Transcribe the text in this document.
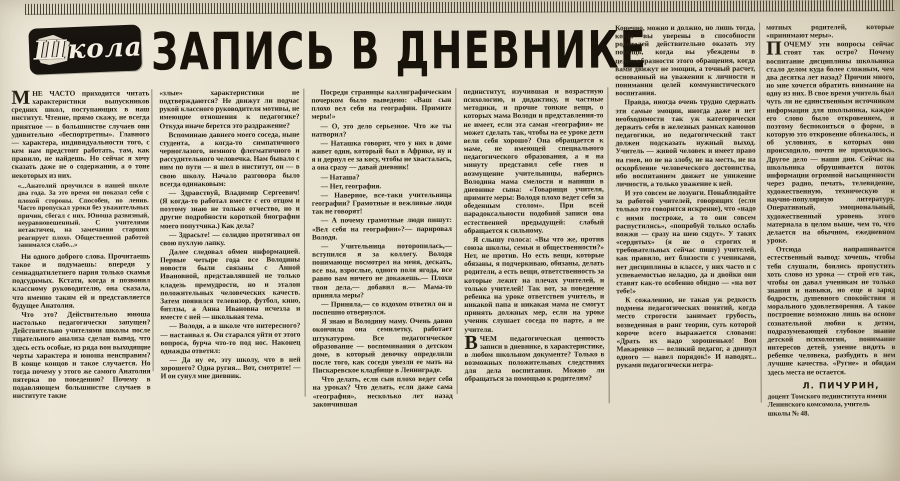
Школа ЗАПИСЬ В ДНЕВНИКЕ

МНЕ ЧАСТО приходится читать характеристики выпускников средних школ, поступающих в наш институт. Чтение, прямо скажу, не всегда приятное — в большинстве случаев они удивительно «беспортретны». Главного — характера, индивидуальности того, с кем нам предстоит работать, там, как правило, не найдешь. Но сейчас я хочу сказать даже не о содержании, а о тоне некоторых из них.

«...Анатолий проучился в нашей школе два года. За это время он показал себя с плохой стороны. Способен, но ленив. Часто пропускал уроки без уважительных причин, сбегал с них. Юноша развязный, неуравновешенный. С учителями нетактичен, на замечания старших реагирует плохо. Общественной работой занимался слабо...»

Ни одного доброго слова. Прочитаешь такое и подумаешь: впереди у семнадцатилетнего парня только скамья подсудимых. Кстати, когда я позвонил классному руководителю, она сказала, что именно таким ей и представляется будущее Анатолия.

Что это? Действительно юноша настолько педагогически запущен? Действительно учителями школы после тщательного анализа сделан вывод, что здесь есть особые, из ряда вон выходящие черты характера и юноша неисправим? В конце концов и такое случается. Но тогда почему у этого же самого Анатолия пятерка по поведению? Почему в подавляющем большинстве случаев в институте такие

«злые» характеристики не подтверждаются? Не движут ли подчас рукой классного руководителя мотивы, не имеющие отношения к педагогике? Откуда иначе берется это раздражение?

Вспоминаю давнего моего соседа, ныне студента, а когда-то симпатичного черноглазого, немного флегматичного и рассудительного человечка. Нам бывало с ним по пути — я шел в институт, он — в свою школу. Начало разговора было всегда одинаковым:

— Здравствуй, Владимир Сергеевич! (Я когда-то работал вместе с его отцом и поэтому знаю не только отчество, но и другие подробности короткой биографии моего попутчика.) Как дела?

— Здрасьте! — солидно протягивал он свою пухлую лапку.

Далее следовал обмен информацией. Первые четыре года все Володины новости были связаны с Анной Ивановной, представлявшей не только кладезь премудрости, но и эталон положительных человеческих качеств. Затем появился телевизор, футбол, кино, битлзы, а Анна Ивановна исчезла и вместе с ней — школьная тема.

— Володя, а в школе что интересного? — настаивал я. Он старался уйти от этого вопроса, бурча что-то под нос. Наконец однажды ответил:

— Да ну ее, эту школу, что в ней хорошего? Одна ругня... Вот, смотрите! — И он сунул мне дневник.

Посреди страницы каллиграфическим почерком было выведено: «Ваш сын плохо вел себя на географии. Примите меры!»

— О, это дело серьезное. Что же ты натворил?

— Наташка говорит, что у них в доме живет один, который был в Африке, ну и я и дернул ее за косу, чтобы не хвасталась, а она сразу — давай дневник!

— Наташа?

— Нет, география.

— Наверное, все-таки учительница географии? Грамотные и вежливые люди так не говорят!

— А почему грамотные люди пишут: «Вел себя на географии»?— парировал Володя.

— Учительница поторопилась,— вступился я за коллегу. Володя понимающе посмотрел на меня, дескать, все вы, взрослые, одного поля ягода, все равно вам ничего не докажешь.— Плохи твои дела,— добавил я.— Мама-то приняла меры?

— Приняла,— со вздохом ответил он и поспешно отвернулся.

Я знаю и Володину маму. Очень давно окончила она семилетку, работает штукатуром. Все педагогическое образование — воспоминания о детском доме, в который девочку определили после того, как соседи увезли ее мать на Пискаревское кладбище в Ленинграде.

Что делать, если сын плохо ведет себя на уроках? Что делать, если даже сама «география», несколько лет назад закончившая

пединститут, изучившая и возрастную психологию, и дидактику, и частные методики, и прочие тонкие вещи, о которых мама Володи и представления-то не имеет, если эта самая «география» не может сделать так, чтобы на ее уроке дети вели себя хорошо? Она обращается к маме, не имеющей специального педагогического образования, а я на минуту представил себе гнев и возмущение учительницы, наберись Володина мама смелости и напиши в дневнике сына: «Товарищи учителя, примите меры: Володя плохо ведет себя за обеденным столом». При всей парадоксальности подобной записи она естественней предыдущей: слабый обращается к сильному.

Я слышу голоса: «Вы что же, против союза школы, семьи и общественности?» Нет, не против. Но есть вещи, которые обязаны, я подчеркиваю, обязаны, делать родители, а есть вещи, ответственность за которые лежит на плечах учителей, и только учителей! Так вот, за поведение ребенка на уроке ответствен учитель, и никакой папа и никакая мама не смогут принять должных мер, если на уроке ученик слушает соседа по парте, а не учителя.

ВЧЕМ педагогическая ценность записи в дневнике, в характеристике, в любом школьном документе? Только в возможных положительных следствиях для дела воспитания. Можно ли обращаться за помощью к родителям?

Конечно, можно и должно, но лишь тогда, когда вы уверены в способности родителей действительно оказать эту помощь, когда вы убеждены в целесообразности этого обращения, когда вами движут не эмоции, а точный расчет, основанный на уважении к личности и понимании целей коммунистического воспитания.

Правда, иногда очень трудно сдержать эти самые эмоции, иногда даже и нет необходимости так уж категорически держать себя в железных рамках канонов педагогики, но педагогический такт должен подсказать нужный выход. Учитель — живой человек и имеет право на гнев, но не на злобу, не на месть, не на оскорбление человеческого достоинства, ибо воспитанием движет не унижение личности, а только уважение к ней.

И это совсем не лозунги. Понаблюдайте за работой учителей, говорящих (если только это говорится искренне), что «надо с ними построже, а то они совсем распустились», «попробуй только ослабь вожжи — сразу на шею сядут». У таких «сердитых» (я не о строгих и требовательных сейчас пишу) учителей, как правило, нет близости с учениками, нет дисциплины в классе, у них часто и с успеваемостью неладно, да и двойки они ставят как-то особенно обидно — «на вот тебе!»

К сожалению, не такая уж редкость подмена педагогических понятий, когда место строгости занимает грубость, возведенная в ранг теории, суть которой короче всего выражается словами: «Драть их надо хорошенько! Вон Макаренко — великий педагог, а двинул одного — навел порядок!» И наводят... руками педагогически негра-

мотных родителей, которые «принимают меры».

ПОЧЕМУ эти вопросы сейчас стоят так остро? Почему воспитание дисциплины школьника стало делом куда более сложным, чем два десятка лет назад? Причин много, но мне хочется обратить внимание на одну из них. В свое время учитель был чуть ли не единственным источником информации для школьника, каждое его слово было откровением, и поэтому беспокоиться о форме, в которую это откровение облекалось, и об условиях, в которых оно происходило, почти не приходилось. Другое дело — наши дни. Сейчас на школьника обрушивается поток информации огромной насыщенности через радио, печать, телевидение, художественную, техническую и научно-популярную литературу. Оперативный, эмоциональный, художественный уровень этого материала в целом выше, чем то, что делается на обычном, ежедневном уроке.

Отсюда напрашивается естественный вывод: хочешь, чтобы тебя слушали, боялись пропустить хоть слово из урока — строй его так, чтобы он давал ученикам не только знания и навыки, но еще и заряд бодрости, душевного спокойствия и морального удовлетворения. А такое построение возможно лишь на основе сознательной любви к детям, подразумевающей глубокое знание детской психологии, понимание интересов детей, умение видеть в ребенке человека, разбудить в нем лучшие качества. «Ругне» и обидам здесь места не остается.

Л. ПИЧУРИН,
доцент Томского пединститута имени Ленинского комсомола, учитель школы № 48.
